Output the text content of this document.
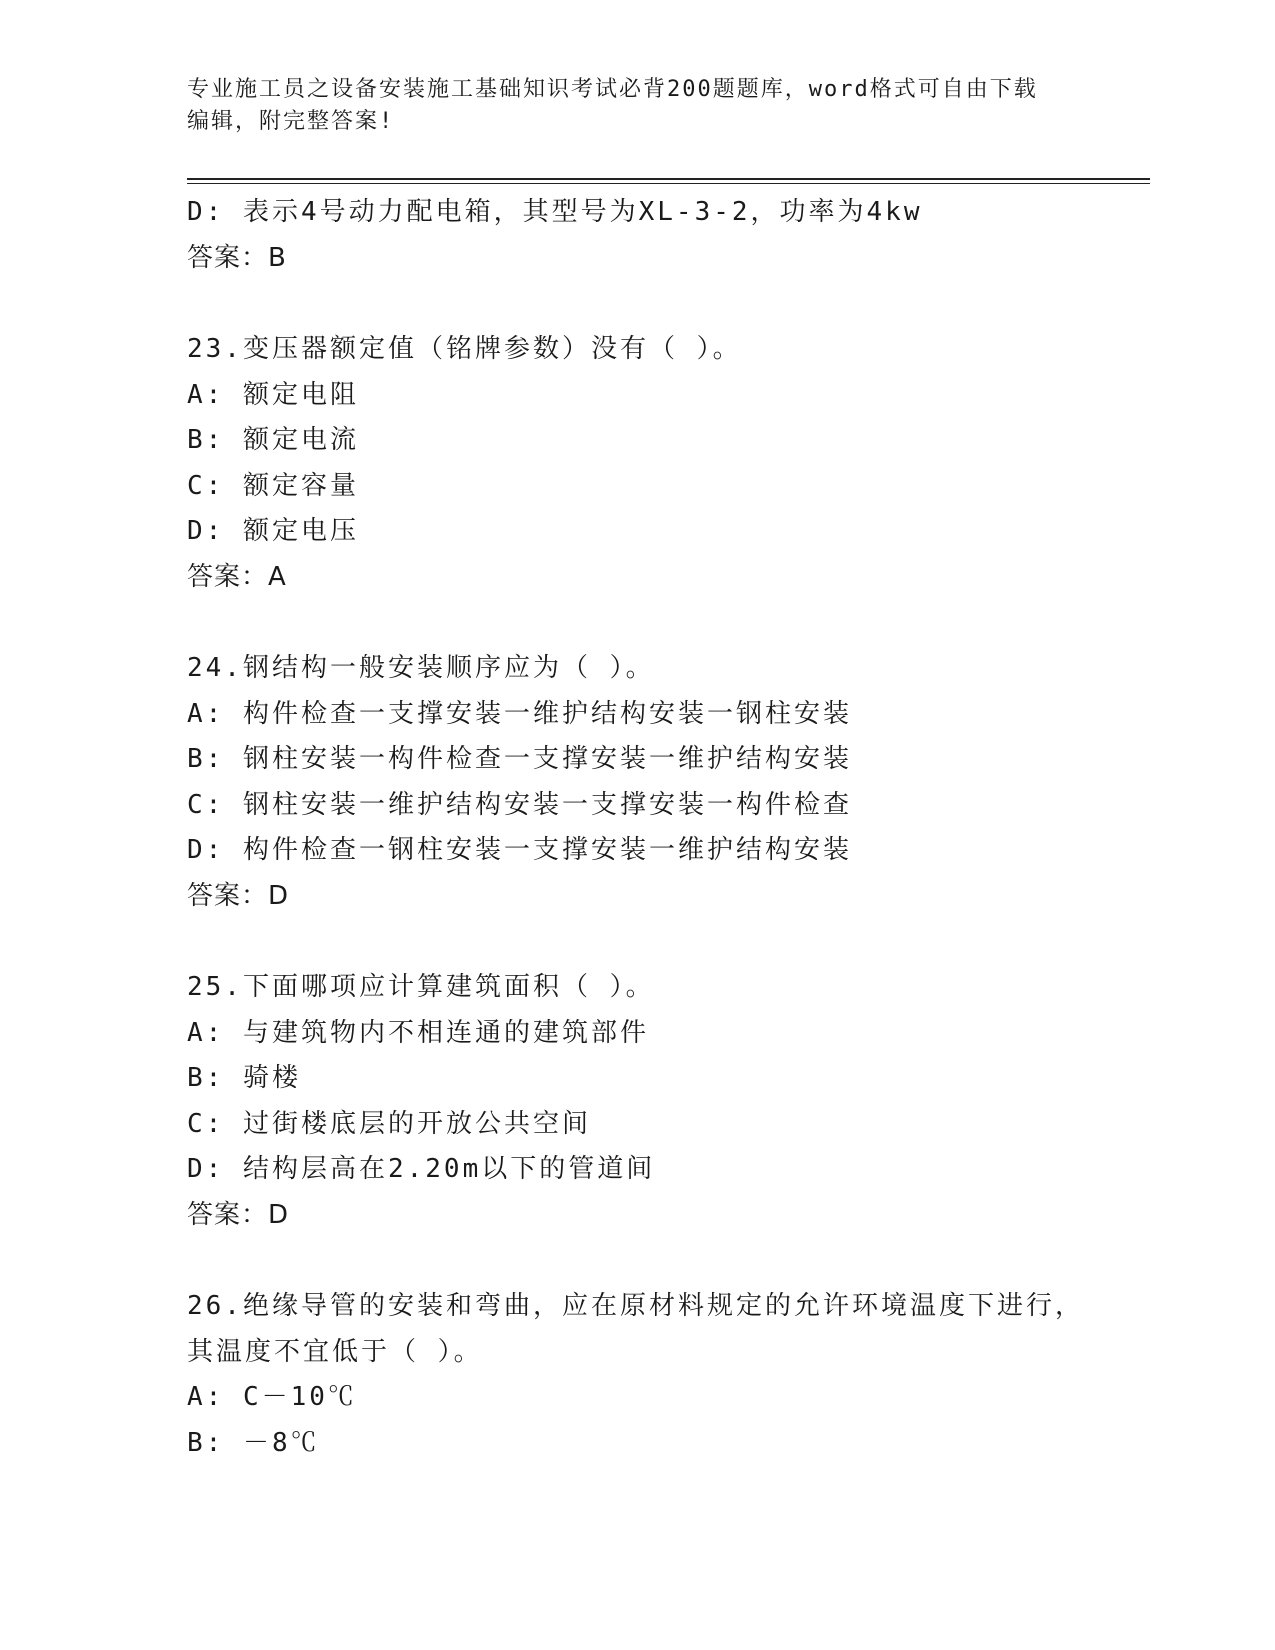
专业施工员之设备安装施工基础知识考试必背200题题库，word格式可自由下载
编辑，附完整答案!
D: 表示4号动力配电箱，其型号为XL-3-2，功率为4kw
答案：B
23.变压器额定值（铭牌参数）没有（ ）。
A: 额定电阻
B: 额定电流
C: 额定容量
D: 额定电压
答案：A
24.钢结构一般安装顺序应为（ ）。
A: 构件检查一支撑安装一维护结构安装一钢柱安装
B: 钢柱安装一构件检查一支撑安装一维护结构安装
C: 钢柱安装一维护结构安装一支撑安装一构件检查
D: 构件检查一钢柱安装一支撑安装一维护结构安装
答案：D
25.下面哪项应计算建筑面积（ ）。
A: 与建筑物内不相连通的建筑部件
B: 骑楼
C: 过街楼底层的开放公共空间
D: 结构层高在2.20m以下的管道间
答案：D
26.绝缘导管的安装和弯曲，应在原材料规定的允许环境温度下进行，
其温度不宜低于（ ）。
A: C－10℃
B: －8℃
